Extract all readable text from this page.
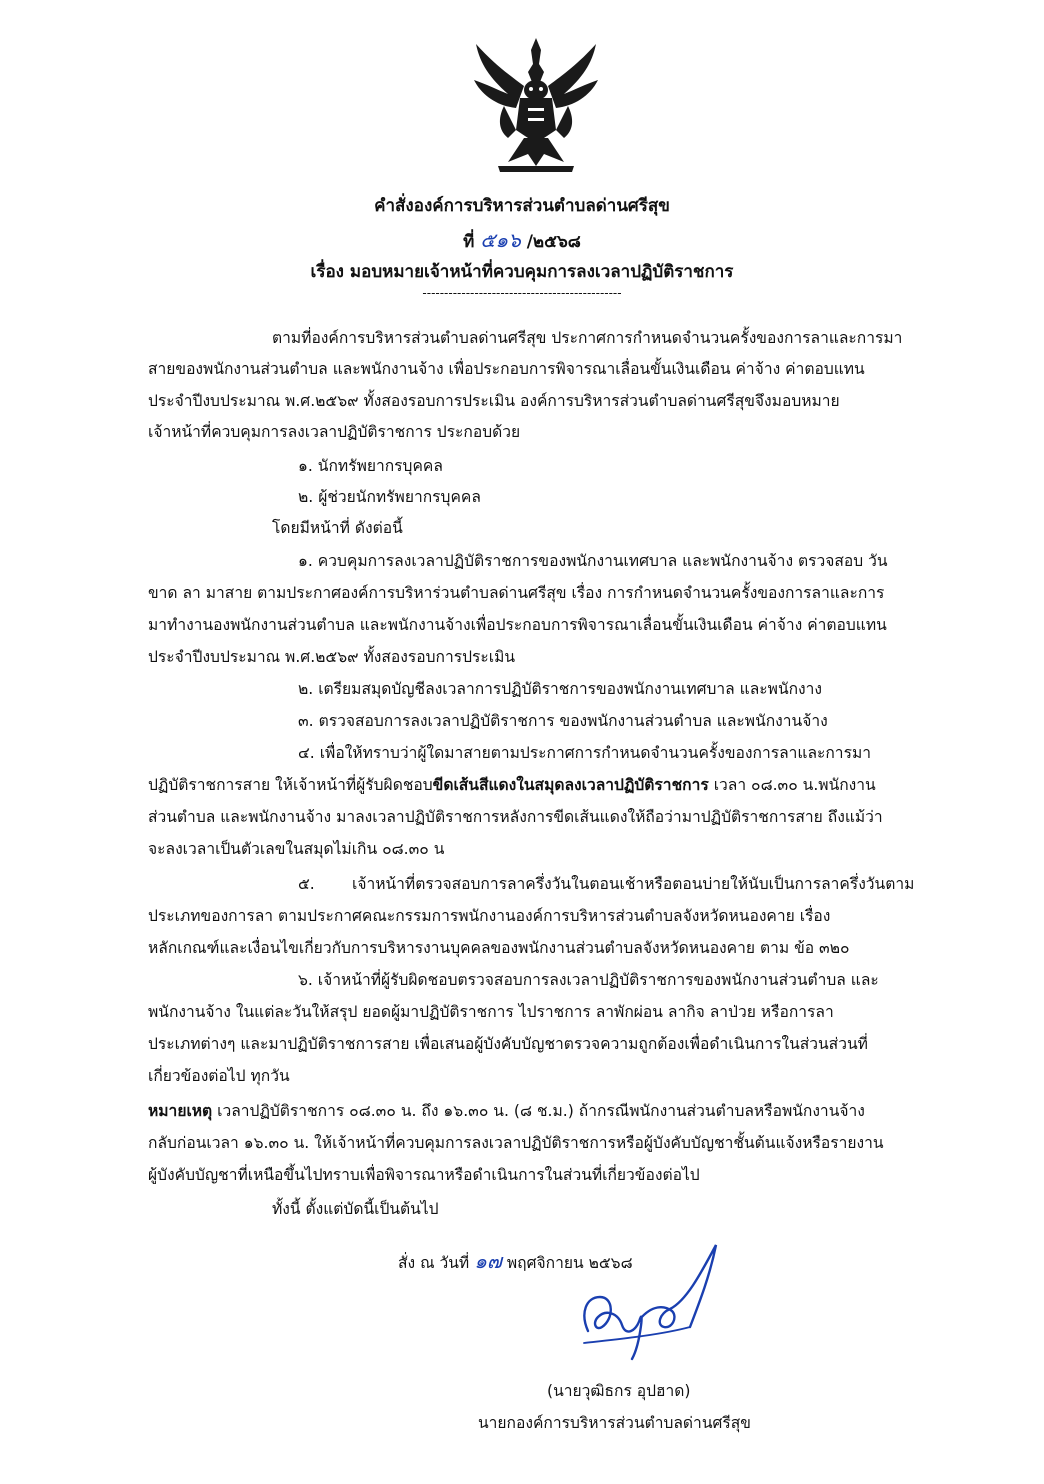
คำสั่งองค์การบริหารส่วนตำบลด่านศรีสุข
ที่ ๕๑๖ /๒๕๖๘
เรื่อง มอบหมายเจ้าหน้าที่ควบคุมการลงเวลาปฏิบัติราชการ
----------------------------------------------
ตามที่องค์การบริหารส่วนตำบลด่านศรีสุข ประกาศการกำหนดจำนวนครั้งของการลาและการมา
สายของพนักงานส่วนตำบล และพนักงานจ้าง เพื่อประกอบการพิจารณาเลื่อนขั้นเงินเดือน ค่าจ้าง ค่าตอบแทน
ประจำปีงบประมาณ พ.ศ.๒๕๖๙ ทั้งสองรอบการประเมิน องค์การบริหารส่วนตำบลด่านศรีสุขจึงมอบหมาย
เจ้าหน้าที่ควบคุมการลงเวลาปฏิบัติราชการ ประกอบด้วย
๑. นักทรัพยากรบุคคล
๒. ผู้ช่วยนักทรัพยากรบุคคล
โดยมีหน้าที่ ดังต่อนี้
๑. ควบคุมการลงเวลาปฏิบัติราชการของพนักงานเทศบาล และพนักงานจ้าง ตรวจสอบ วัน
ขาด ลา มาสาย ตามประกาศองค์การบริหาร่วนตำบลด่านศรีสุข เรื่อง การกำหนดจำนวนครั้งของการลาและการ
มาทำงานองพนักงานส่วนตำบล และพนักงานจ้างเพื่อประกอบการพิจารณาเลื่อนขั้นเงินเดือน ค่าจ้าง ค่าตอบแทน
ประจำปีงบประมาณ พ.ศ.๒๕๖๙ ทั้งสองรอบการประเมิน
๒. เตรียมสมุดบัญชีลงเวลาการปฏิบัติราชการของพนักงานเทศบาล และพนักงาง
๓. ตรวจสอบการลงเวลาปฏิบัติราชการ ของพนักงานส่วนตำบล และพนักงานจ้าง
๔. เพื่อให้ทราบว่าผู้ใดมาสายตามประกาศการกำหนดจำนวนครั้งของการลาและการมา
ปฏิบัติราชการสาย ให้เจ้าหน้าที่ผู้รับผิดชอบขีดเส้นสีแดงในสมุดลงเวลาปฏิบัติราชการ เวลา ๐๘.๓๐ น.พนักงาน
ส่วนตำบล และพนักงานจ้าง มาลงเวลาปฏิบัติราชการหลังการขีดเส้นแดงให้ถือว่ามาปฏิบัติราชการสาย ถึงแม้ว่า
จะลงเวลาเป็นตัวเลขในสมุดไม่เกิน ๐๘.๓๐ น
๕. เจ้าหน้าที่ตรวจสอบการลาครึ่งวันในตอนเช้าหรือตอนบ่ายให้นับเป็นการลาครึ่งวันตาม
ประเภทของการลา ตามประกาศคณะกรรมการพนักงานองค์การบริหารส่วนตำบลจังหวัดหนองคาย เรื่อง
หลักเกณฑ์และเงื่อนไขเกี่ยวกับการบริหารงานบุคคลของพนักงานส่วนตำบลจังหวัดหนองคาย ตาม ข้อ ๓๒๐
๖. เจ้าหน้าที่ผู้รับผิดชอบตรวจสอบการลงเวลาปฏิบัติราชการของพนักงานส่วนตำบล และ
พนักงานจ้าง ในแต่ละวันให้สรุป ยอดผู้มาปฏิบัติราชการ ไปราชการ ลาพักผ่อน ลากิจ ลาป่วย หรือการลา
ประเภทต่างๆ และมาปฏิบัติราชการสาย เพื่อเสนอผู้บังคับบัญชาตรวจความถูกต้องเพื่อดำเนินการในส่วนส่วนที่
เกี่ยวข้องต่อไป ทุกวัน
หมายเหตุ เวลาปฏิบัติราชการ ๐๘.๓๐ น. ถึง ๑๖.๓๐ น. (๘ ช.ม.) ถ้ากรณีพนักงานส่วนตำบลหรือพนักงานจ้าง
กลับก่อนเวลา ๑๖.๓๐ น. ให้เจ้าหน้าที่ควบคุมการลงเวลาปฏิบัติราชการหรือผู้บังคับบัญชาชั้นต้นแจ้งหรือรายงาน
ผู้บังคับบัญชาที่เหนือขึ้นไปทราบเพื่อพิจารณาหรือดำเนินการในส่วนที่เกี่ยวข้องต่อไป
ทั้งนี้ ตั้งแต่บัดนี้เป็นต้นไป
สั่ง ณ วันที่ ๑๗ พฤศจิกายน ๒๕๖๘
(นายวุฒิธกร อุปฮาด)
นายกองค์การบริหารส่วนตำบลด่านศรีสุข
